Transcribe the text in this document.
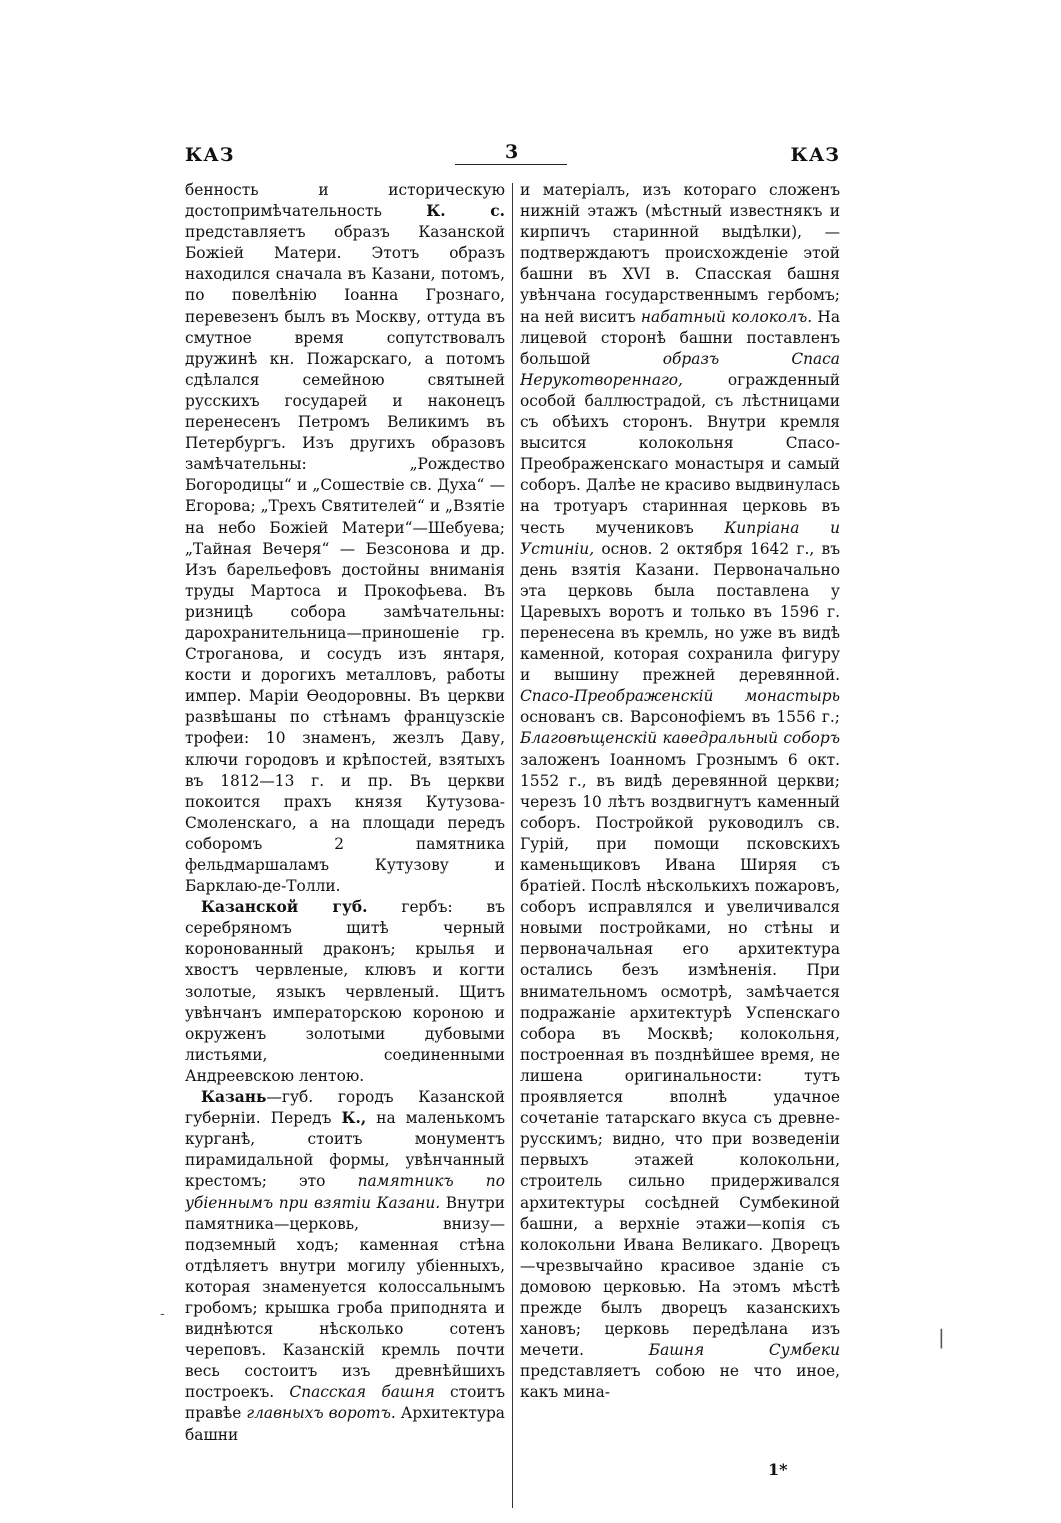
КАЗ	3	КАЗ

бенность и историческую достопримѣчательность К. с. представляетъ образъ Казанской Божіей Матери. Этотъ образъ находился сначала въ Казани, потомъ, по повелѣнію Іоанна Грознаго, перевезенъ былъ въ Москву, оттуда въ смутное время сопутствовалъ дружинѣ кн. Пожарскаго, а потомъ сдѣлался семейною святыней русскихъ государей и наконецъ перенесенъ Петромъ Великимъ въ Петербургъ. Изъ другихъ образовъ замѣчательны: „Рождество Богородицы“ и „Сошествіе св. Духа“ — Егорова; „Трехъ Святителей“ и „Взятіе на небо Божіей Матери“—Шебуева; „Тайная Вечеря“ — Безсонова и др. Изъ барельефовъ достойны вниманія труды Мартоса и Прокофьева. Въ ризницѣ собора замѣчательны: дарохранительница—приношеніе гр. Строганова, и сосудъ изъ янтаря, кости и дорогихъ металловъ, работы импер. Маріи Ѳеодоровны. Въ церкви развѣшаны по стѣнамъ французскіе трофеи: 10 знаменъ, жезлъ Даву, ключи городовъ и крѣпостей, взятыхъ въ 1812—13 г. и пр. Въ церкви покоится прахъ князя Кутузова-Смоленскаго, а на площади передъ соборомъ 2 памятника фельдмаршаламъ Кутузову и Барклаю-де-Толли.

Казанской губ. гербъ: въ серебряномъ щитѣ черный коронованный драконъ; крылья и хвостъ червленые, клювъ и когти золотые, языкъ червленый. Щитъ увѣнчанъ императорскою короною и окруженъ золотыми дубовыми листьями, соединенными Андреевскою лентою.

Казань—губ. городъ Казанской губерніи. Передъ К., на маленькомъ курганѣ, стоитъ монументъ пирамидальной формы, увѣнчанный крестомъ; это памятникъ по убіеннымъ при взятіи Казани. Внутри памятника—церковь, внизу—подземный ходъ; каменная стѣна отдѣляетъ внутри могилу убіенныхъ, которая знаменуется колоссальнымъ гробомъ; крышка гроба приподнята и виднѣются нѣсколько сотенъ череповъ. Казанскій кремль почти весь состоитъ изъ древнѣйшихъ построекъ. Спасская башня стоитъ правѣе главныхъ воротъ. Архитектура башни

и матеріалъ, изъ котораго сложенъ нижній этажъ (мѣстный известнякъ и кирпичъ старинной выдѣлки), — подтверждаютъ происхожденіе этой башни въ XVI в. Спасская башня увѣнчана государственнымъ гербомъ; на ней виситъ набатный колоколъ. На лицевой сторонѣ башни поставленъ большой образъ Спаса Нерукотвореннаго, огражденный особой баллюстрадой, съ лѣстницами съ обѣихъ сторонъ. Внутри кремля высится колокольня Спасо-Преображенскаго монастыря и самый соборъ. Далѣе не красиво выдвинулась на тротуаръ старинная церковь въ честь мучениковъ Кипріана и Устиніи, основ. 2 октября 1642 г., въ день взятія Казани. Первоначально эта церковь была поставлена у Царевыхъ воротъ и только въ 1596 г. перенесена въ кремль, но уже въ видѣ каменной, которая сохранила фигуру и вышину прежней деревянной. Спасо-Преображенскій монастырь основанъ св. Варсонофіемъ въ 1556 г.; Благовѣщенскій каѳедральный соборъ заложенъ Іоанномъ Грознымъ 6 окт. 1552 г., въ видѣ деревянной церкви; черезъ 10 лѣтъ воздвигнутъ каменный соборъ. Постройкой руководилъ св. Гурій, при помощи псковскихъ каменьщиковъ Ивана Ширяя съ братіей. Послѣ нѣсколькихъ пожаровъ, соборъ исправлялся и увеличивался новыми постройками, но стѣны и первоначальная его архитектура остались безъ измѣненія. При внимательномъ осмотрѣ, замѣчается подражаніе архитектурѣ Успенскаго собора въ Москвѣ; колокольня, построенная въ позднѣйшее время, не лишена оригинальности: тутъ проявляется вполнѣ удачное сочетаніе татарскаго вкуса съ древне-русскимъ; видно, что при возведеніи первыхъ этажей колокольни, строитель сильно придерживался архитектуры сосѣдней Сумбекиной башни, а верхніе этажи—копія съ колокольни Ивана Великаго. Дворецъ—чрезвычайно красивое зданіе съ домовою церковью. На этомъ мѣстѣ прежде былъ дворецъ казанскихъ хановъ; церковь передѣлана изъ мечети. Башня Сумбеки представляетъ собою не что иное, какъ мина-

1*
-
|
